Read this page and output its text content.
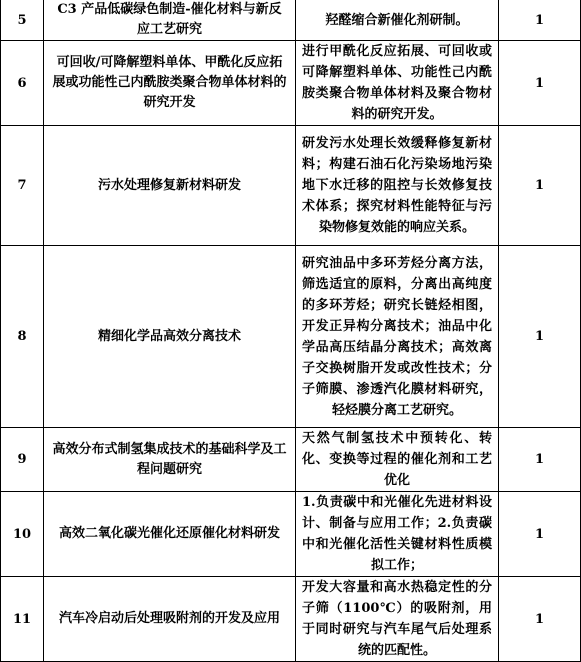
5	C3 产品低碳绿色制造-催化材料与新反应工艺研究	羟醛缩合新催化剂研制。	1
6	可回收/可降解塑料单体、甲酰化反应拓展或功能性己内酰胺类聚合物单体材料的研究开发	进行甲酰化反应拓展、可回收或可降解塑料单体、功能性己内酰胺类聚合物单体材料及聚合物材料的研究开发。	1
7	污水处理修复新材料研发	研发污水处理长效缓释修复新材料；构建石油石化污染场地污染地下水迁移的阻控与长效修复技术体系；探究材料性能特征与污染物修复效能的响应关系。	1
8	精细化学品高效分离技术	研究油品中多环芳烃分离方法，筛选适宜的原料，分离出高纯度的多环芳烃；研究长链烃相图，开发正异构分离技术；油品中化学品高压结晶分离技术；高效离子交换树脂开发或改性技术；分子筛膜、渗透汽化膜材料研究，轻烃膜分离工艺研究。	1
9	高效分布式制氢集成技术的基础科学及工程问题研究	天然气制氢技术中预转化、转化、变换等过程的催化剂和工艺优化	1
10	高效二氧化碳光催化还原催化材料研发	1.负责碳中和光催化先进材料设计、制备与应用工作；2.负责碳中和光催化活性关键材料性质模拟工作；	1
11	汽车冷启动后处理吸附剂的开发及应用	开发大容量和高水热稳定性的分子筛（1100℃）的吸附剂，用于同时研究与汽车尾气后处理系统的匹配性。	1
